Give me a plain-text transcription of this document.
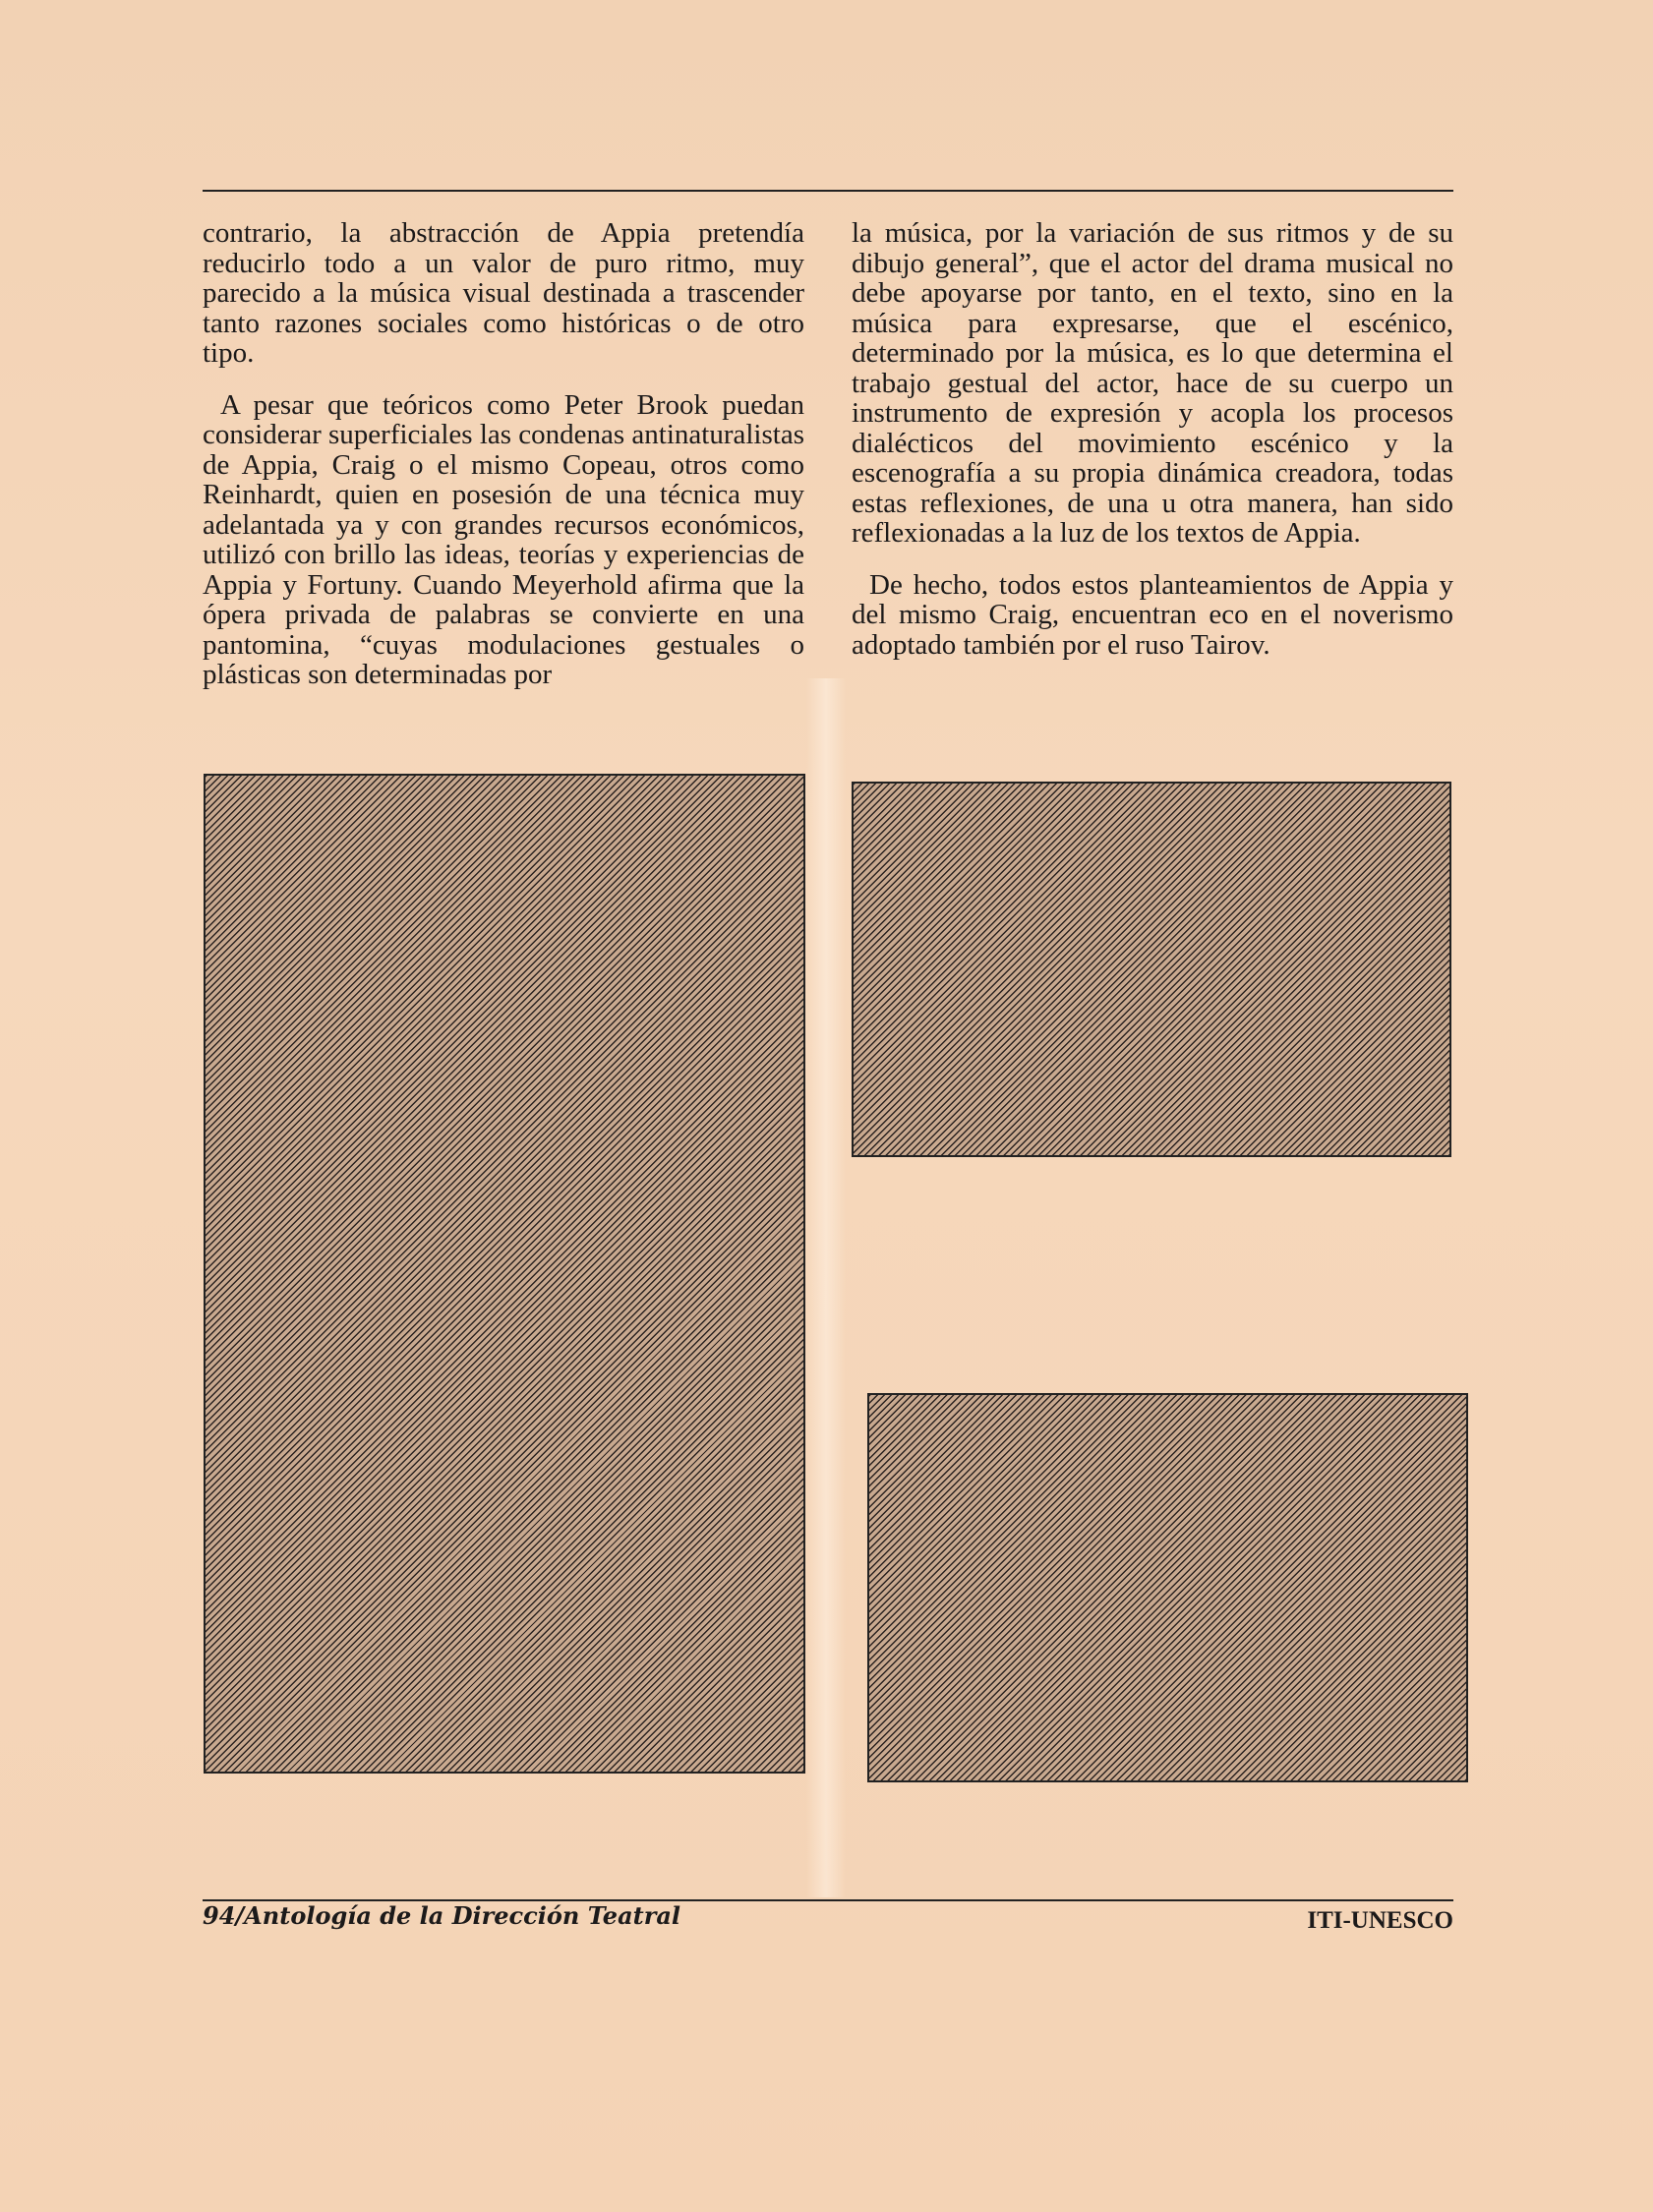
contrario, la abstracción de Appia pretendía reducirlo todo a un valor de puro ritmo, muy parecido a la música visual destinada a trascender tanto razones sociales como históricas o de otro tipo.

A pesar que teóricos como Peter Brook puedan considerar superficiales las condenas antinaturalistas de Appia, Craig o el mismo Copeau, otros como Reinhardt, quien en posesión de una técnica muy adelantada ya y con grandes recursos económicos, utilizó con brillo las ideas, teorías y experiencias de Appia y Fortuny. Cuando Meyerhold afirma que la ópera privada de palabras se convierte en una pantomina, “cuyas modulaciones gestuales o plásticas son determinadas por

la música, por la variación de sus ritmos y de su dibujo general”, que el actor del drama musical no debe apoyarse por tanto, en el texto, sino en la música para expresarse, que el escénico, determinado por la música, es lo que determina el trabajo gestual del actor, hace de su cuerpo un instrumento de expresión y acopla los procesos dialécticos del movimiento escénico y la escenografía a su propia dinámica creadora, todas estas reflexiones, de una u otra manera, han sido reflexionadas a la luz de los textos de Appia.

De hecho, todos estos planteamientos de Appia y del mismo Craig, encuentran eco en el noverismo adoptado también por el ruso Tairov.

94/Antología de la Dirección Teatral	ITI-UNESCO
